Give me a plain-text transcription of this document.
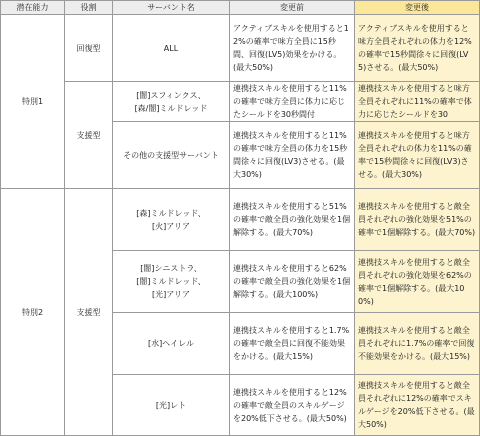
潜在能力	役割	サーバント名	変更前	変更後
特別1	回復型	ALL	アクティブスキルを使用すると12%の確率で味方全員に15秒間、回復(LV5)効果をかける。(最大50%)	アクティブスキルを使用すると味方全員それぞれの体力を12%の確率で15秒間徐々に回復(LV5)させる。(最大50%)
	支援型	[闇]スフィンクス、
[森/闇]ミルドレッド	連携技スキルを使用すると11%の確率で味方全員に体力に応じたシールドを30秒間付	連携技スキルを使用すると味方全員それぞれに11%の確率で体力に応じたシールドを30

		その他の支援型サーバント	連携技スキルを使用すると11%の確率で味方全員の体力を15秒間徐々に回復(LV3)させる。(最大30%)	連携技スキルを使用すると味方全員それぞれの体力を11%の確率で15秒間徐々に回復(LV3)させる。(最大30%)
特別2	支援型	[森]ミルドレッド、
[火]アリア	連携技スキルを使用すると51%の確率で敵全員の強化効果を1個解除する。(最大70%)	連携技スキルを使用すると敵全員それぞれの強化効果を51%の確率で1個解除する。(最大70%)
		[闇]シニストラ、
[闇]ミルドレッド、
[光]アリア	連携技スキルを使用すると62%の確率で敵全員の強化効果を1個解除する。(最大100%)	連携技スキルを使用すると敵全員それぞれの強化効果を62%の確率で1個解除する。(最大100%)
		[水]ヘイレル	連携技スキルを使用すると1.7%の確率で敵全員に回復不能効果をかける。(最大15%)	連携技スキルを使用すると敵全員それぞれに1.7%の確率で回復不能効果をかける。(最大15%)
		[光]レト	連携技スキルを使用すると12%の確率で敵全員のスキルゲージを20%低下させる。(最大50%)	連携技スキルを使用すると敵全員それぞれに12%の確率でスキルゲージを20%低下させる。(最大50%)
